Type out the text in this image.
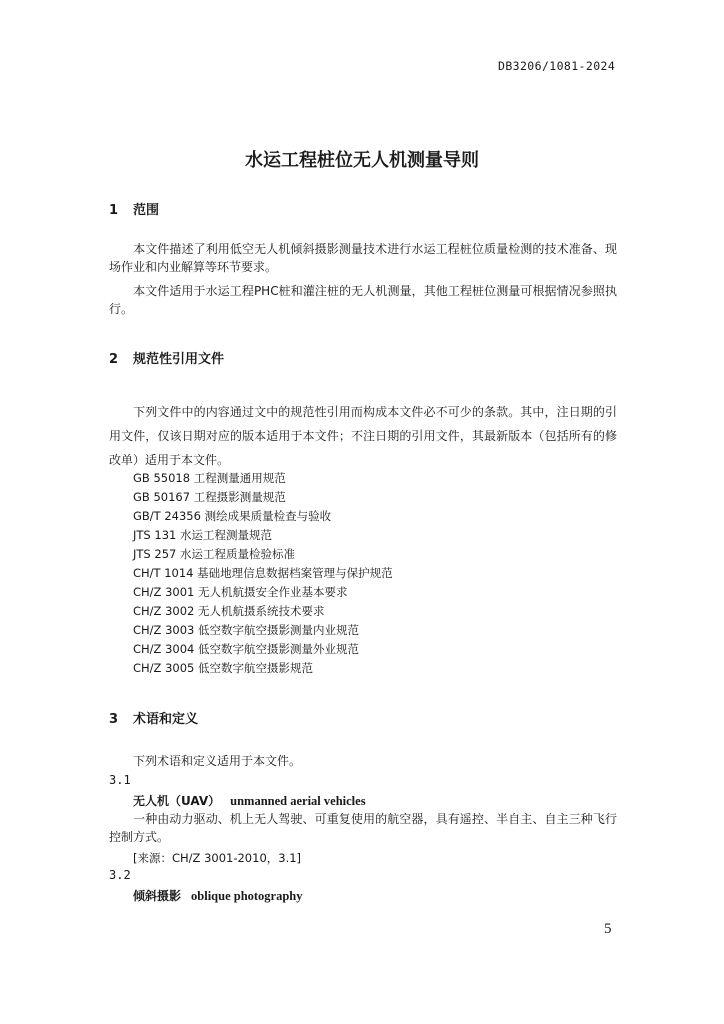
DB3206/1081-2024
水运工程桩位无人机测量导则
1 范围
本文件描述了利用低空无人机倾斜摄影测量技术进行水运工程桩位质量检测的技术准备、现场作业和内业解算等环节要求。
本文件适用于水运工程PHC桩和灌注桩的无人机测量，其他工程桩位测量可根据情况参照执行。
2 规范性引用文件
下列文件中的内容通过文中的规范性引用而构成本文件必不可少的条款。其中，注日期的引用文件，仅该日期对应的版本适用于本文件；不注日期的引用文件，其最新版本（包括所有的修改单）适用于本文件。
GB 55018 工程测量通用规范
GB 50167 工程摄影测量规范
GB/T 24356 测绘成果质量检查与验收
JTS 131 水运工程测量规范
JTS 257 水运工程质量检验标准
CH/T 1014 基础地理信息数据档案管理与保护规范
CH/Z 3001 无人机航摄安全作业基本要求
CH/Z 3002 无人机航摄系统技术要求
CH/Z 3003 低空数字航空摄影测量内业规范
CH/Z 3004 低空数字航空摄影测量外业规范
CH/Z 3005 低空数字航空摄影规范
3 术语和定义
下列术语和定义适用于本文件。
3.1
无人机（UAV） unmanned aerial vehicles
一种由动力驱动、机上无人驾驶、可重复使用的航空器，具有遥控、半自主、自主三种飞行控制方式。
[来源：CH/Z 3001-2010，3.1]
3.2
倾斜摄影 oblique photography
5
